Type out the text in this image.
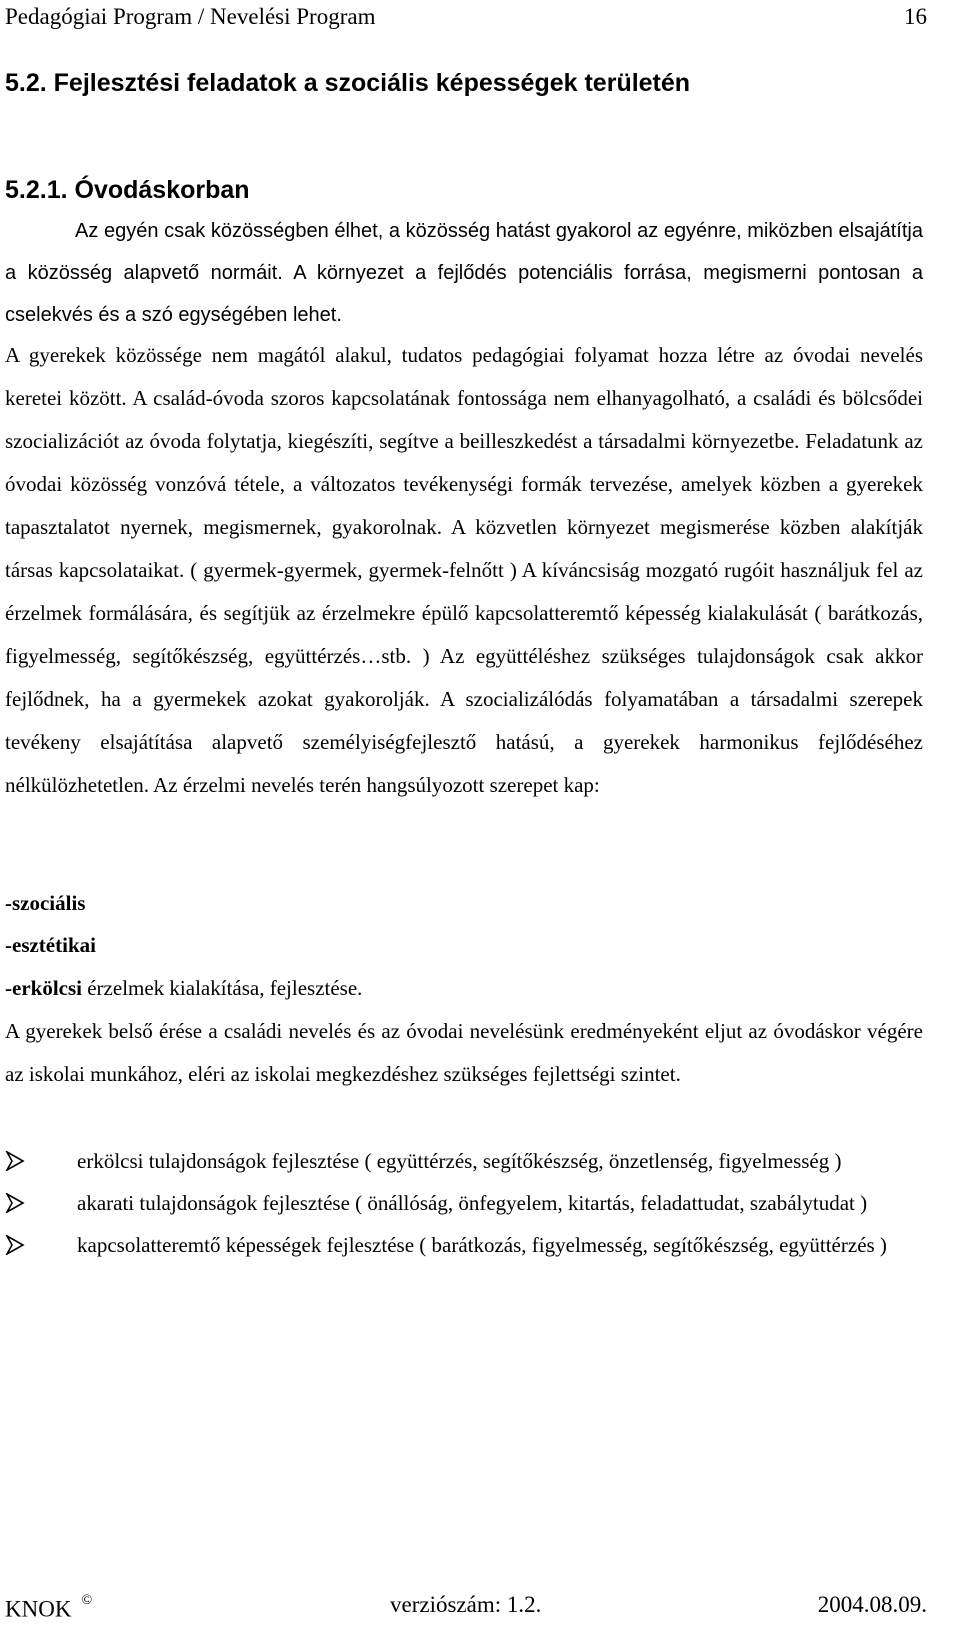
Pedagógiai Program / Nevelési Program	16
5.2. Fejlesztési feladatok a szociális képességek területén
5.2.1. Óvodáskorban
Az egyén csak közösségben élhet, a közösség hatást gyakorol az egyénre, miközben elsajátítja a közösség alapvető normáit. A környezet a fejlődés potenciális forrása, megismerni pontosan a cselekvés és a szó egységében lehet.
A gyerekek közössége nem magától alakul, tudatos pedagógiai folyamat hozza létre az óvodai nevelés keretei között. A család-óvoda szoros kapcsolatának fontossága nem elhanyagolható, a családi és bölcsődei szocializációt az óvoda folytatja, kiegészíti, segítve a beilleszkedést a társadalmi környezetbe. Feladatunk az óvodai közösség vonzóvá tétele, a változatos tevékenységi formák tervezése, amelyek közben a gyerekek tapasztalatot nyernek, megismernek, gyakorolnak. A közvetlen környezet megismerése közben alakítják társas kapcsolataikat. ( gyermek-gyermek, gyermek-felnőtt ) A kíváncsiság mozgató rugóit használjuk fel az érzelmek formálására, és segítjük az érzelmekre épülő kapcsolatteremtő képesség kialakulását ( barátkozás, figyelmesség, segítőkészség, együttérzés…stb. ) Az együttéléshez szükséges tulajdonságok csak akkor fejlődnek, ha a gyermekek azokat gyakorolják. A szocializálódás folyamatában a társadalmi szerepek tevékeny elsajátítása alapvető személyiségfejlesztő hatású, a gyerekek harmonikus fejlődéséhez nélkülözhetetlen. Az érzelmi nevelés terén hangsúlyozott szerepet kap:
-szociális
-esztétikai
-erkölcsi érzelmek kialakítása, fejlesztése.
A gyerekek belső érése a családi nevelés és az óvodai nevelésünk eredményeként eljut az óvodáskor végére az iskolai munkához, eléri az iskolai megkezdéshez szükséges fejlettségi szintet.
erkölcsi tulajdonságok fejlesztése ( együttérzés, segítőkészség, önzetlenség, figyelmesség )
akarati tulajdonságok fejlesztése ( önállóság, önfegyelem, kitartás, feladattudat, szabálytudat )
kapcsolatteremtő képességek fejlesztése ( barátkozás, figyelmesség, segítőkészség, együttérzés )
KNOK ©	verziószám: 1.2.	2004.08.09.
